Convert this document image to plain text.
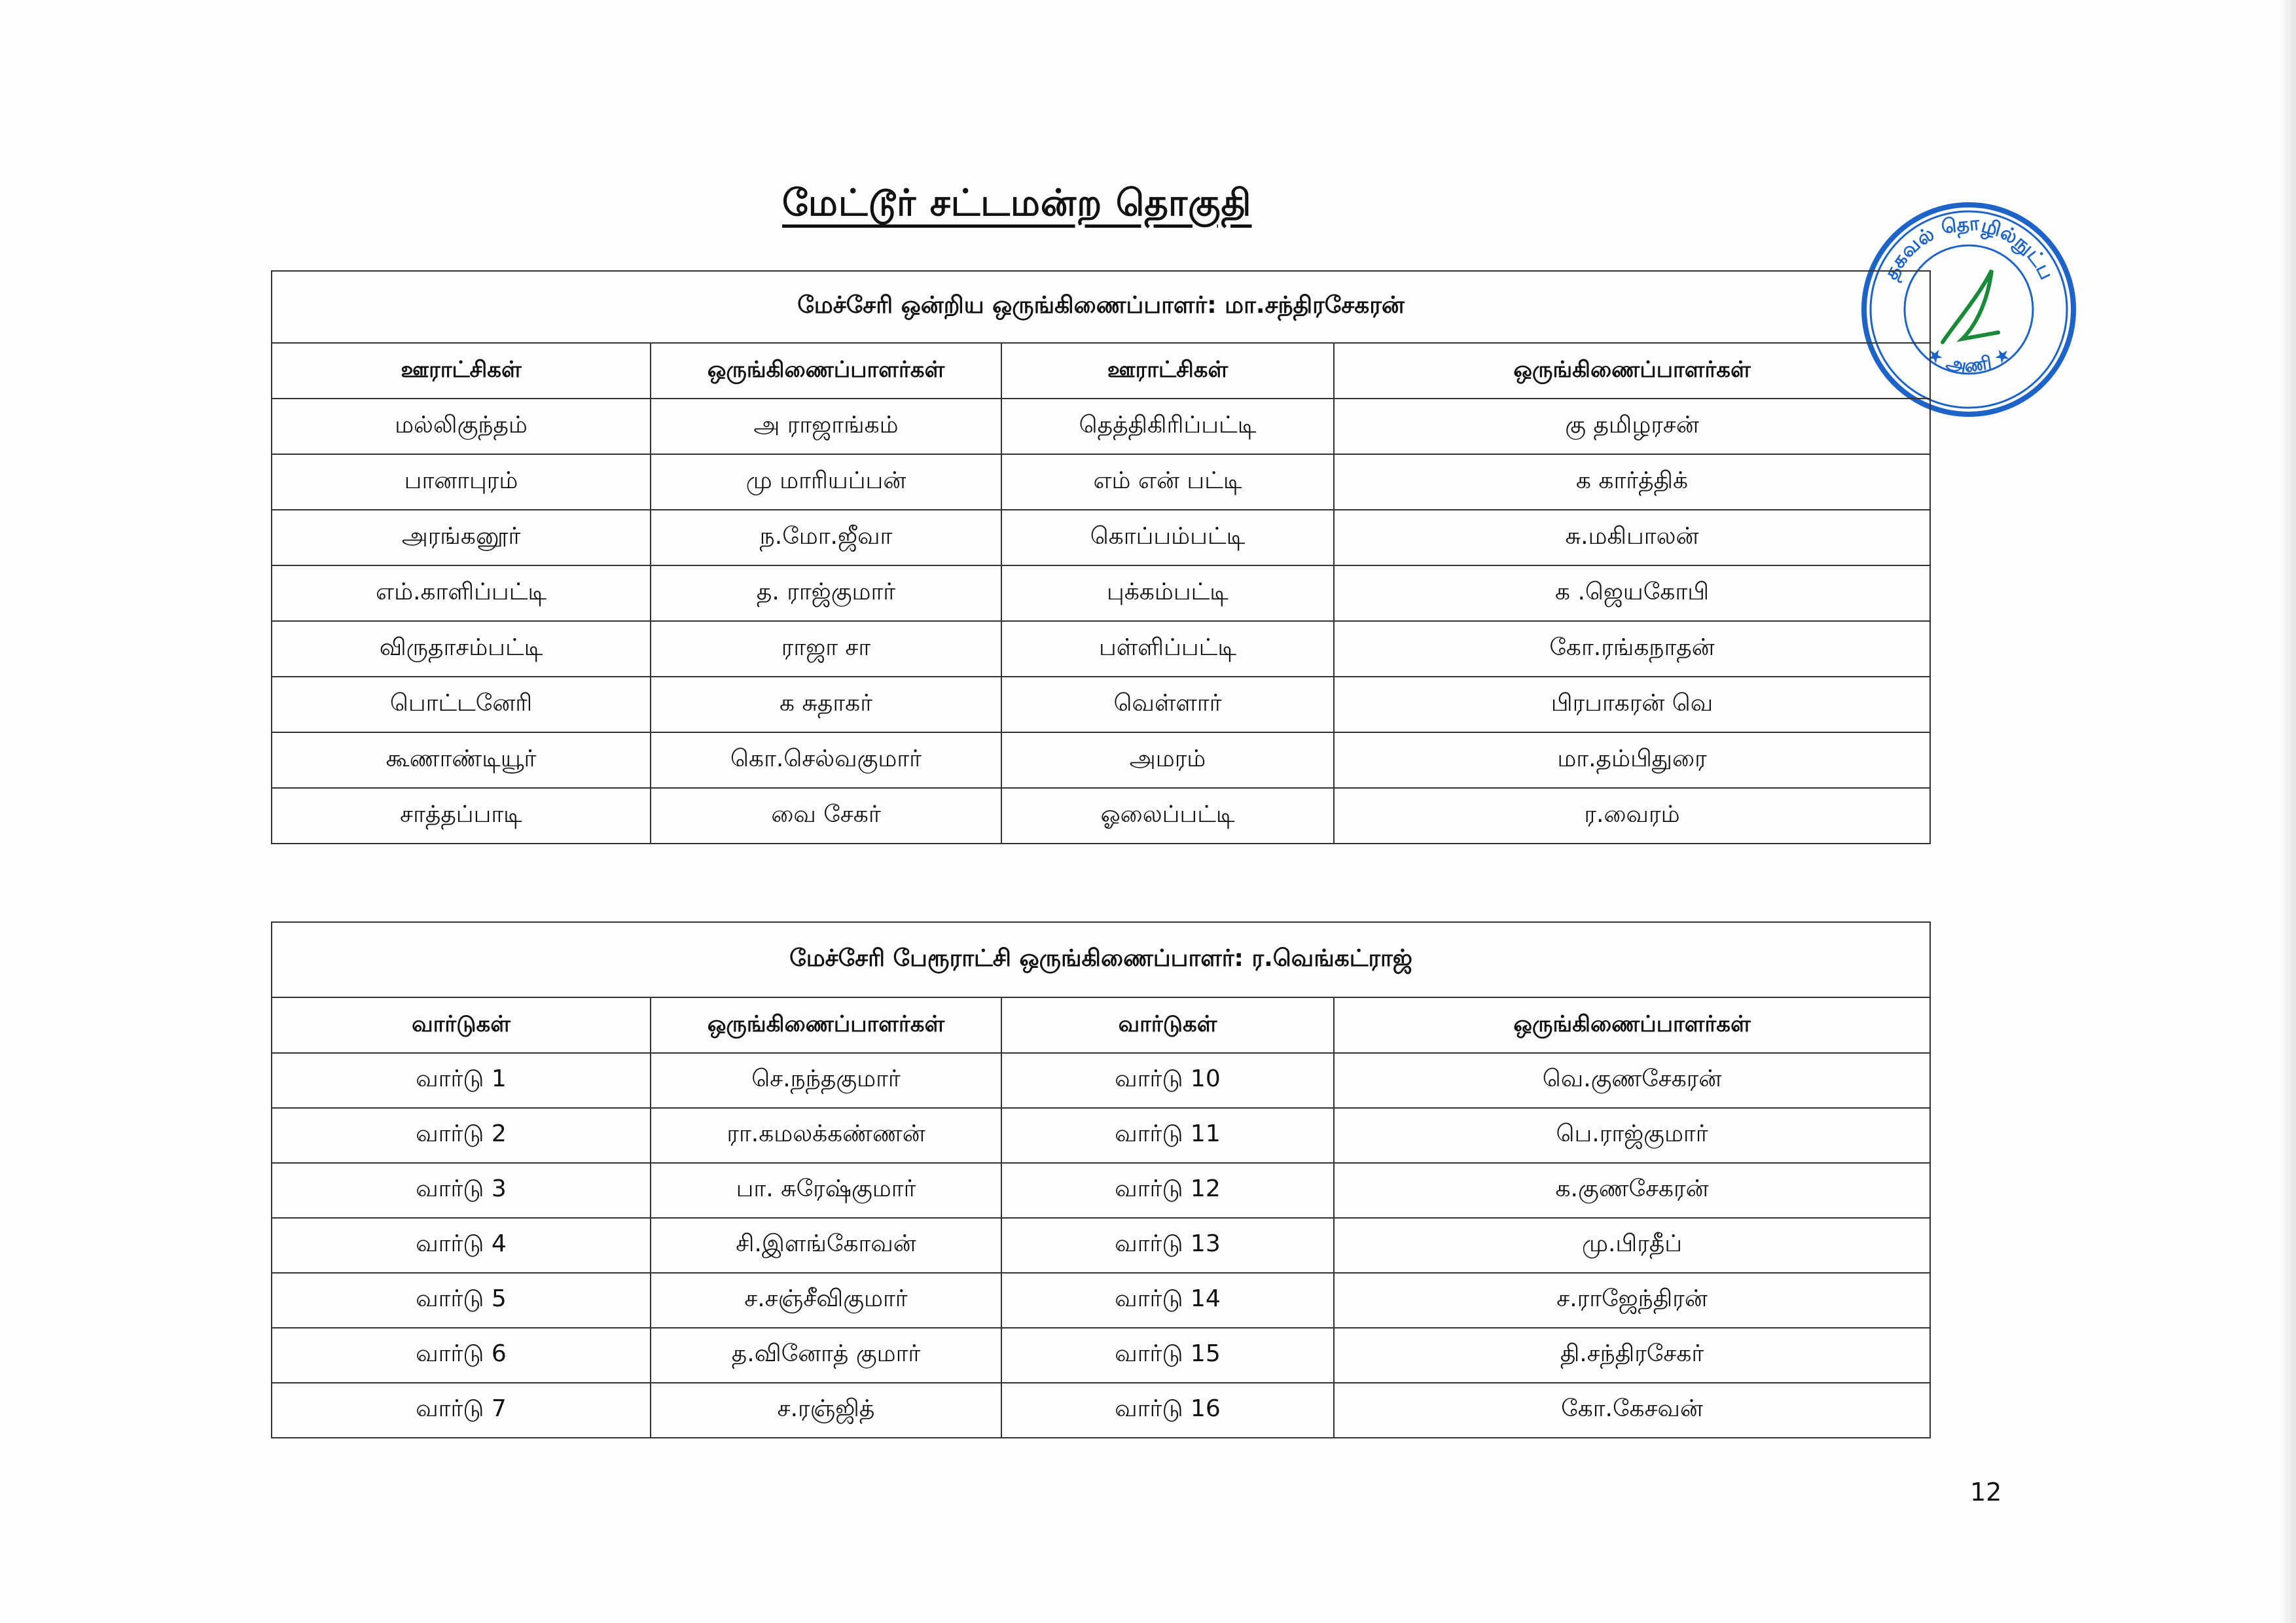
மேட்டூர் சட்டமன்ற தொகுதி
தகவல் தொழில்நுட்ப
★ அணி ★
மேச்சேரி ஒன்றிய ஒருங்கிணைப்பாளர்: மா.சந்திரசேகரன்			
ஊராட்சிகள்	ஒருங்கிணைப்பாளர்கள்	ஊராட்சிகள்	ஒருங்கிணைப்பாளர்கள்
மல்லிகுந்தம்	அ ராஜாங்கம்	தெத்திகிரிப்பட்டி	கு தமிழரசன்
பானாபுரம்	மு மாரியப்பன்	எம் என் பட்டி	க கார்த்திக்
அரங்கனூர்	ந.மோ.ஜீவா	கொப்பம்பட்டி	சு.மகிபாலன்
எம்.காளிப்பட்டி	த. ராஜ்குமார்	புக்கம்பட்டி	க .ஜெயகோபி
விருதாசம்பட்டி	ராஜா சா	பள்ளிப்பட்டி	கோ.ரங்கநாதன்
பொட்டனேரி	க சுதாகர்	வெள்ளார்	பிரபாகரன் வெ
கூணாண்டியூர்	கொ.செல்வகுமார்	அமரம்	மா.தம்பிதுரை
சாத்தப்பாடி	வை சேகர்	ஓலைப்பட்டி	ர.வைரம்
மேச்சேரி பேரூராட்சி ஒருங்கிணைப்பாளர்: ர.வெங்கட்ராஜ்			
வார்டுகள்	ஒருங்கிணைப்பாளர்கள்	வார்டுகள்	ஒருங்கிணைப்பாளர்கள்
வார்டு 1	செ.நந்தகுமார்	வார்டு 10	வெ.குணசேகரன்
வார்டு 2	ரா.கமலக்கண்ணன்	வார்டு 11	பெ.ராஜ்குமார்
வார்டு 3	பா. சுரேஷ்குமார்	வார்டு 12	க.குணசேகரன்
வார்டு 4	சி.இளங்கோவன்	வார்டு 13	மு.பிரதீப்
வார்டு 5	ச.சஞ்சீவிகுமார்	வார்டு 14	ச.ராஜேந்திரன்
வார்டு 6	த.வினோத் குமார்	வார்டு 15	தி.சந்திரசேகர்
வார்டு 7	ச.ரஞ்ஜித்	வார்டு 16	கோ.கேசவன்
12
